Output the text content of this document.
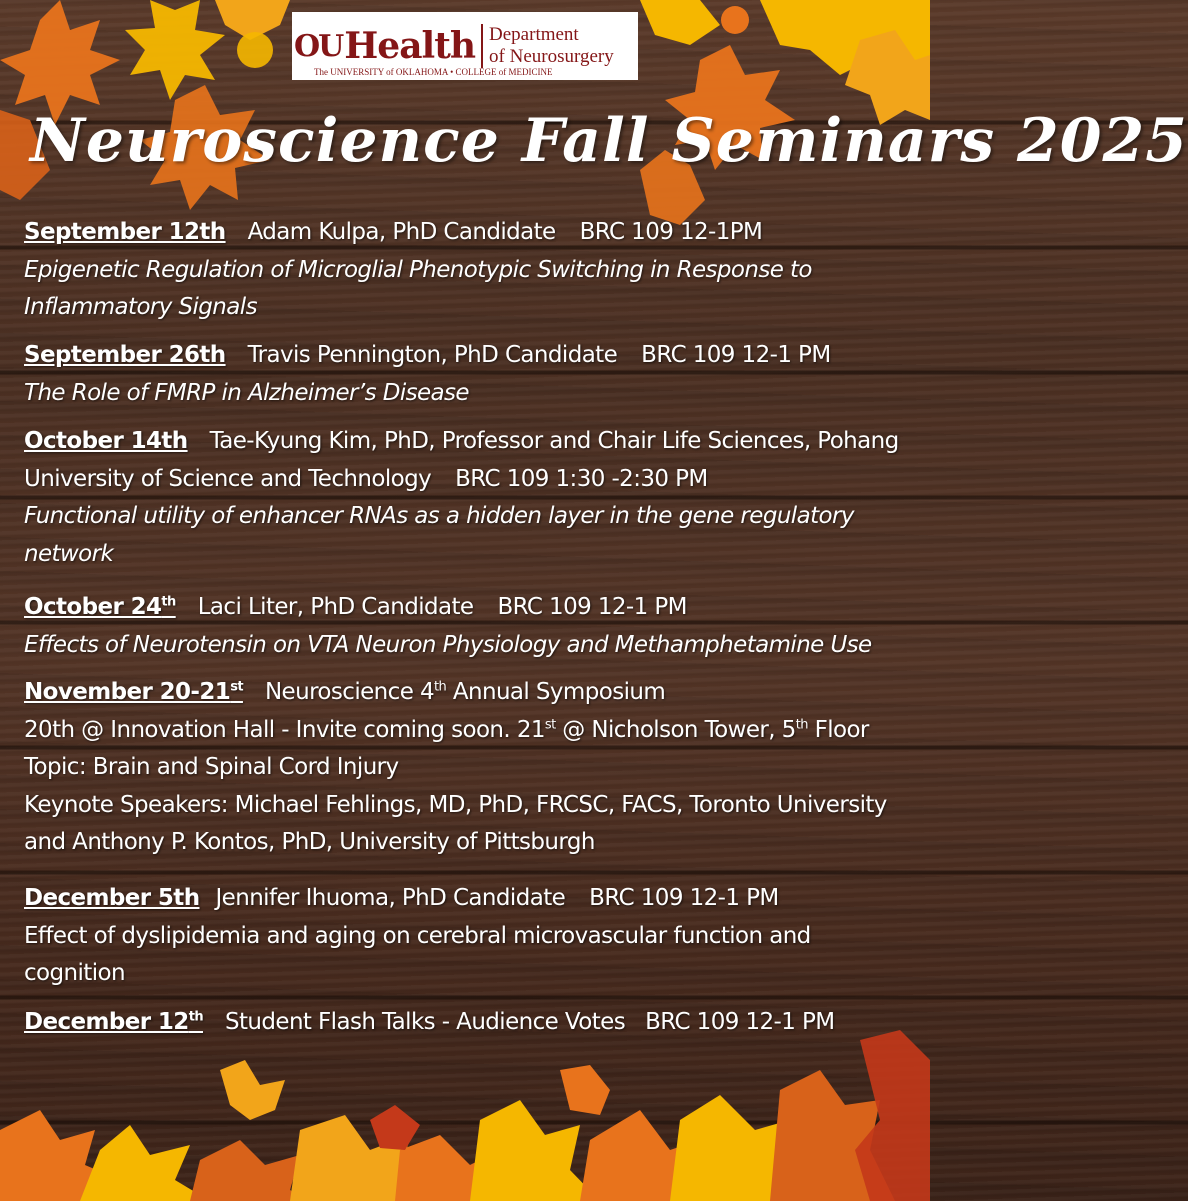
OU Health Department
of Neurosurgery
The UNIVERSITY of OKLAHOMA • COLLEGE of MEDICINE
Neuroscience Fall Seminars 2025
September 12th Adam Kulpa, PhD Candidate BRC 109 12-1PM
Epigenetic Regulation of Microglial Phenotypic Switching in Response to Inflammatory Signals
September 26th Travis Pennington, PhD Candidate BRC 109 12-1 PM
The Role of FMRP in Alzheimer’s Disease
October 14th Tae-Kyung Kim, PhD, Professor and Chair Life Sciences, Pohang University of Science and Technology BRC 109 1:30 -2:30 PM
Functional utility of enhancer RNAs as a hidden layer in the gene regulatory network
October 24th Laci Liter, PhD Candidate BRC 109 12-1 PM
Effects of Neurotensin on VTA Neuron Physiology and Methamphetamine Use
November 20-21st Neuroscience 4th Annual Symposium
20th @ Innovation Hall - Invite coming soon. 21st @ Nicholson Tower, 5th Floor
Topic: Brain and Spinal Cord Injury
Keynote Speakers: Michael Fehlings, MD, PhD, FRCSC, FACS, Toronto University and Anthony P. Kontos, PhD, University of Pittsburgh
December 5th Jennifer Ihuoma, PhD Candidate BRC 109 12-1 PM
Effect of dyslipidemia and aging on cerebral microvascular function and cognition
December 12th Student Flash Talks - Audience Votes BRC 109 12-1 PM
